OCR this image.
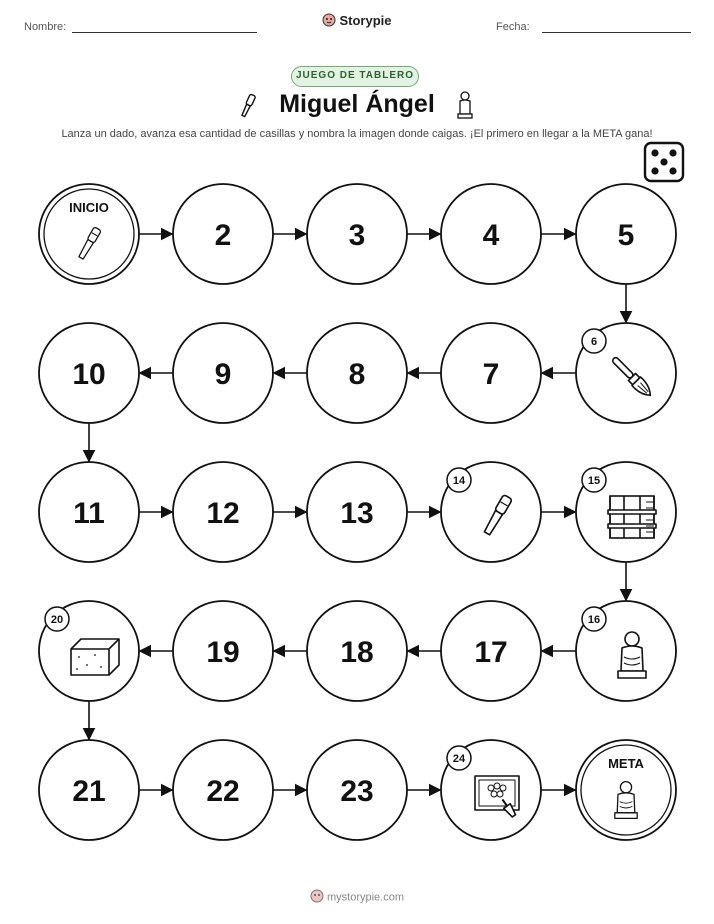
Nombre:	Storypie	Fecha:
JUEGO DE TABLERO
Miguel Ángel
Lanza un dado, avanza esa cantidad de casillas y nombra la imagen donde caigas. ¡El primero en llegar a la META gana!
INICIO
2	3	4	5
6
7
8
9
10
11	12	13
14	15
16
17
18
19
20
21	22	23
24	META
mystorypie.com
